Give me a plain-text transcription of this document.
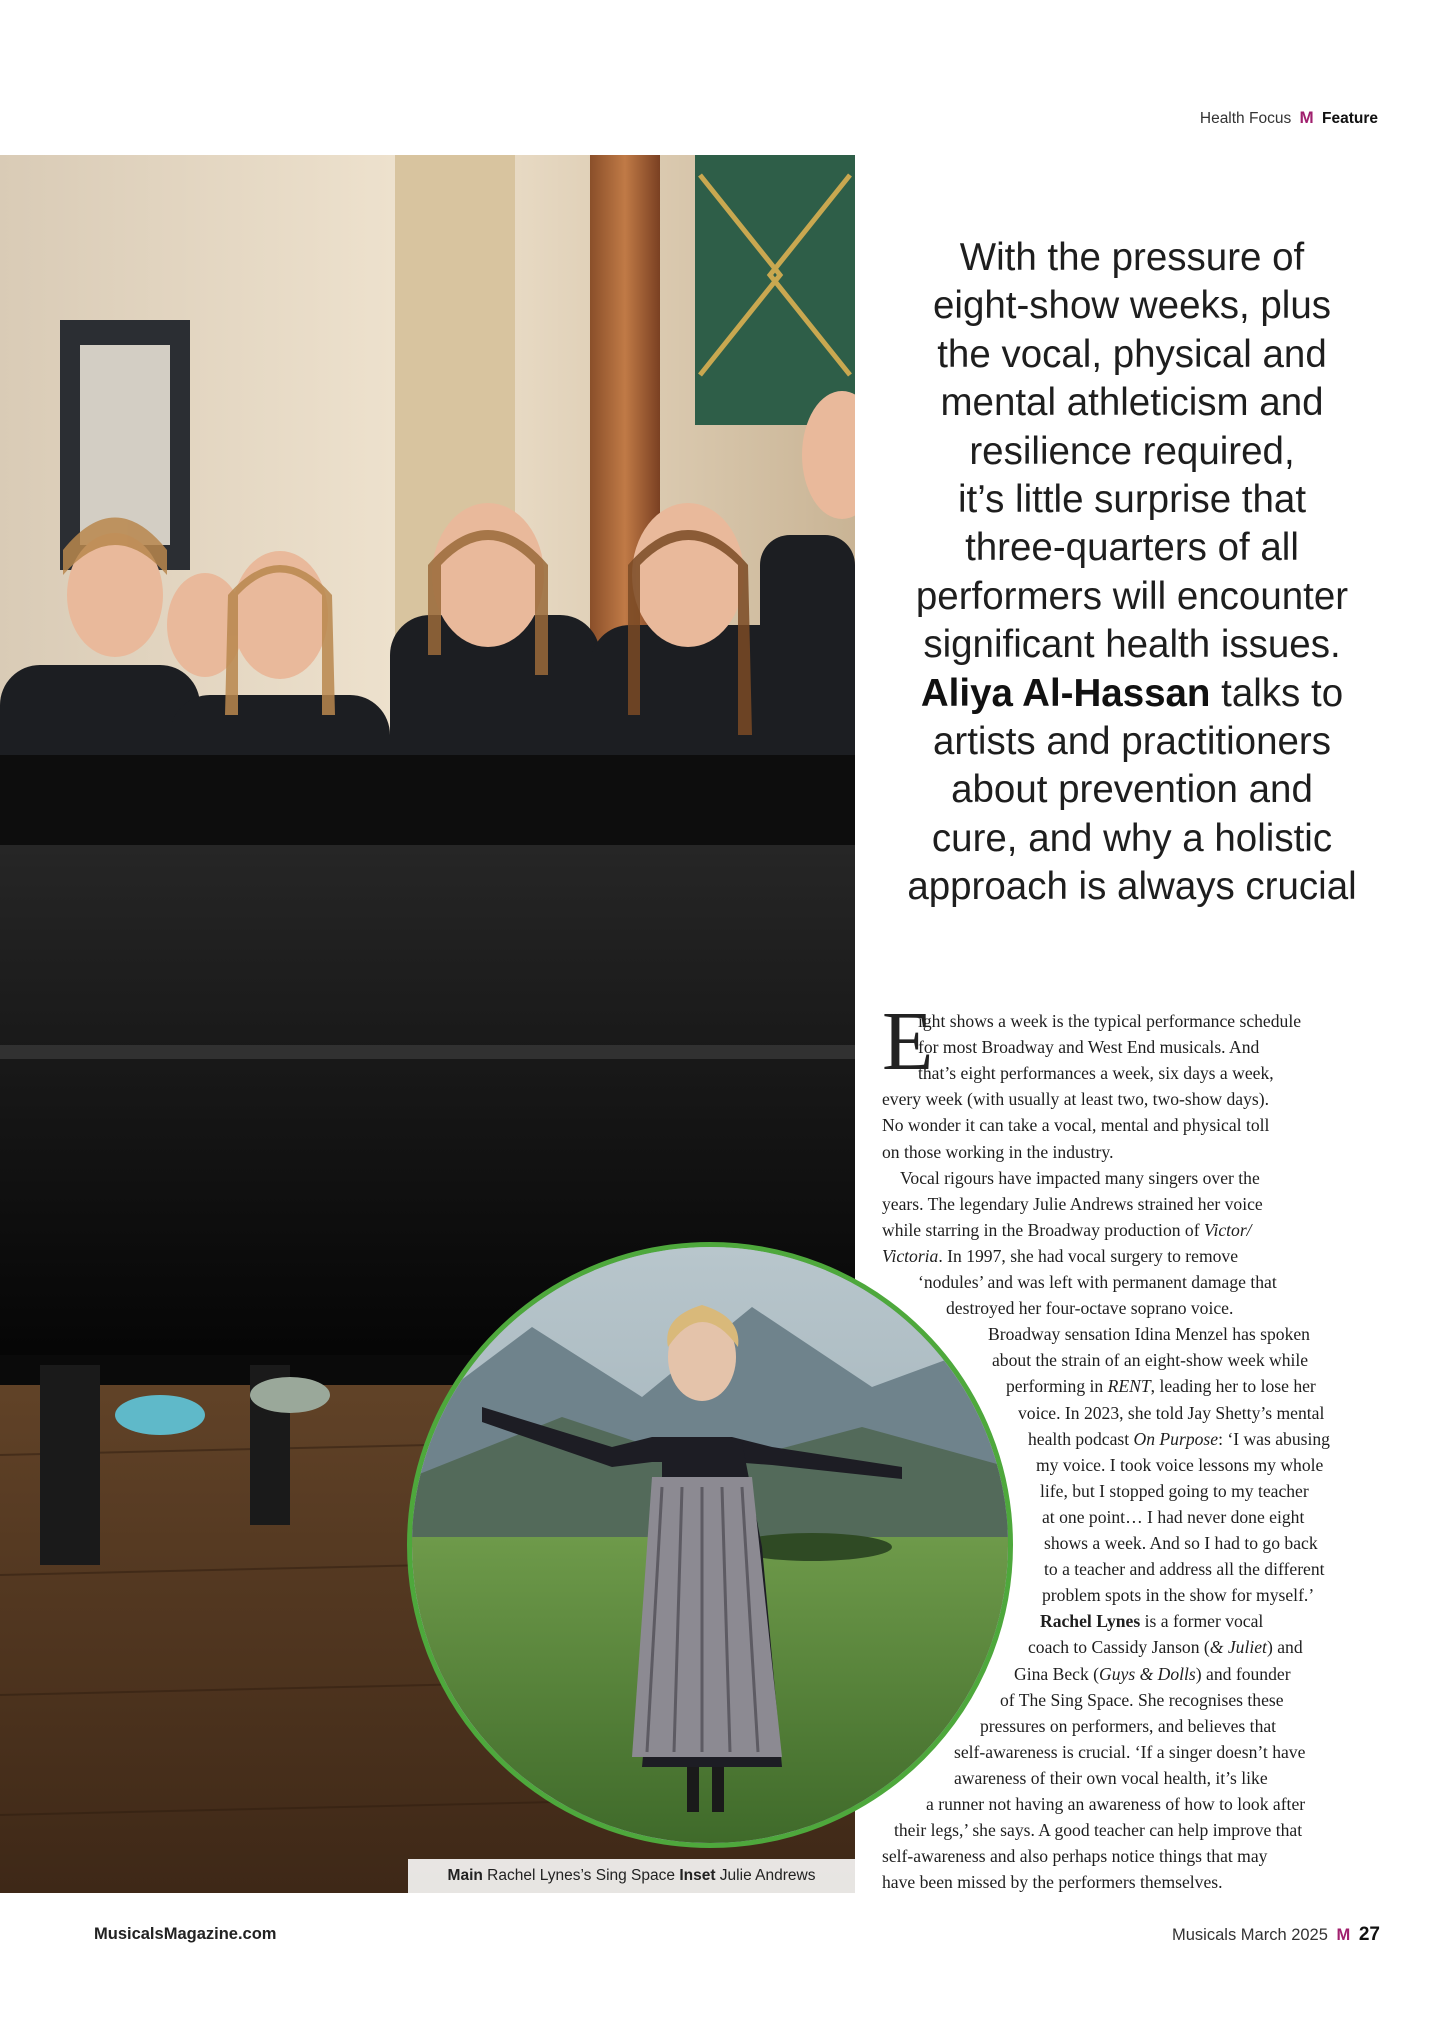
Health Focus M Feature
Main Rachel Lynes’s Sing Space Inset Julie Andrews

With the pressure of

eight-show weeks, plus

the vocal, physical and

mental athleticism and

resilience required,

it’s little surprise that

three-quarters of all

performers will encounter

significant health issues.

Aliya Al-Hassan talks to

artists and practitioners

about prevention and

cure, and why a holistic

approach is always crucial

E
ight shows a week is the typical performance schedule
for most Broadway and West End musicals. And
that’s eight performances a week, six days a week,
every week (with usually at least two, two-show days).
No wonder it can take a vocal, mental and physical toll
on those working in the industry.
Vocal rigours have impacted many singers over the
years. The legendary Julie Andrews strained her voice
while starring in the Broadway production of Victor/
Victoria. In 1997, she had vocal surgery to remove
‘nodules’ and was left with permanent damage that
destroyed her four-octave soprano voice.
Broadway sensation Idina Menzel has spoken
about the strain of an eight-show week while
performing in RENT, leading her to lose her
voice. In 2023, she told Jay Shetty’s mental
health podcast On Purpose: ‘I was abusing
my voice. I took voice lessons my whole
life, but I stopped going to my teacher
at one point… I had never done eight
shows a week. And so I had to go back
to a teacher and address all the different
problem spots in the show for myself.’
Rachel Lynes is a former vocal
coach to Cassidy Janson (& Juliet) and
Gina Beck (Guys & Dolls) and founder
of The Sing Space. She recognises these
pressures on performers, and believes that
self-awareness is crucial. ‘If a singer doesn’t have
awareness of their own vocal health, it’s like
a runner not having an awareness of how to look after
their legs,’ she says. A good teacher can help improve that
self-awareness and also perhaps notice things that may
have been missed by the performers themselves.
MusicalsMagazine.com	Musicals March 2025 M 27
